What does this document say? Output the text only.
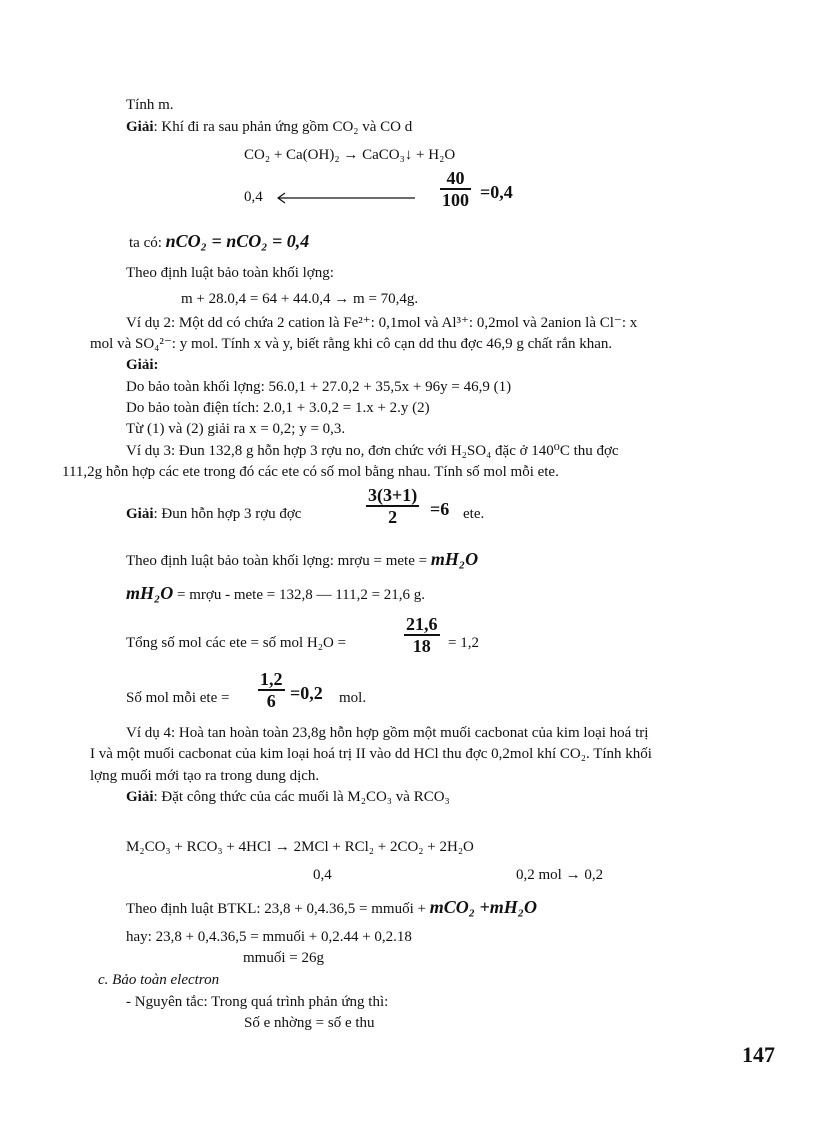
Tính m.
Giải: Khí đi ra sau phản ứng gồm CO₂ và CO d
CO₂ + Ca(OH)₂ → CaCO₃↓ + H₂O
0,4
40
100 =0,4
ta có: nCO₂ = nCO₂ = 0,4
Theo định luật bảo toàn khối lợng:
m + 28.0,4 = 64 + 44.0,4 → m = 70,4g.
Ví dụ 2: Một dd có chứa 2 cation là Fe²⁺: 0,1mol và Al³⁺: 0,2mol và 2anion là Cl⁻: x
mol và SO₄²⁻: y mol. Tính x và y, biết rằng khi cô cạn dd thu đợc 46,9 g chất rắn khan.
Giải:
Do bảo toàn khối lợng: 56.0,1 + 27.0,2 + 35,5x + 96y = 46,9 (1)
Do bảo toàn điện tích: 2.0,1 + 3.0,2 = 1.x + 2.y (2)
Từ (1) và (2) giải ra x = 0,2; y = 0,3.
Ví dụ 3: Đun 132,8 g hỗn hợp 3 rợu no, đơn chức với H₂SO₄ đặc ở 140⁰C thu đợc
111,2g hỗn hợp các ete trong đó các ete có số mol bằng nhau. Tính số mol mỗi ete.
Giải: Đun hỗn hợp 3 rợu đợc
3(3+1)
2 =6 ete.
Theo định luật bảo toàn khối lợng: mrợu = mete = mH₂O
mH₂O = mrợu - mete = 132,8 — 111,2 = 21,6 g.
Tổng số mol các ete = số mol H₂O =
21,6
18 = 1,2
Số mol mỗi ete =
1,2
6 =0,2 mol.
Ví dụ 4: Hoà tan hoàn toàn 23,8g hỗn hợp gồm một muối cacbonat của kim loại hoá trị
I và một muối cacbonat của kim loại hoá trị II vào dd HCl thu đợc 0,2mol khí CO₂. Tính khối
lợng muối mới tạo ra trong dung dịch.
Giải: Đặt công thức của các muối là M₂CO₃ và RCO₃
M₂CO₃ + RCO₃ + 4HCl → 2MCl + RCl₂ + 2CO₂ + 2H₂O
0,4	0,2 mol → 0,2
Theo định luật BTKL: 23,8 + 0,4.36,5 = mmuối + mCO₂ +mH₂O
hay: 23,8 + 0,4.36,5 = mmuối + 0,2.44 + 0,2.18
mmuối = 26g
c. Bảo toàn electron
- Nguyên tắc: Trong quá trình phản ứng thì:
Số e nhờng = số e thu
147
